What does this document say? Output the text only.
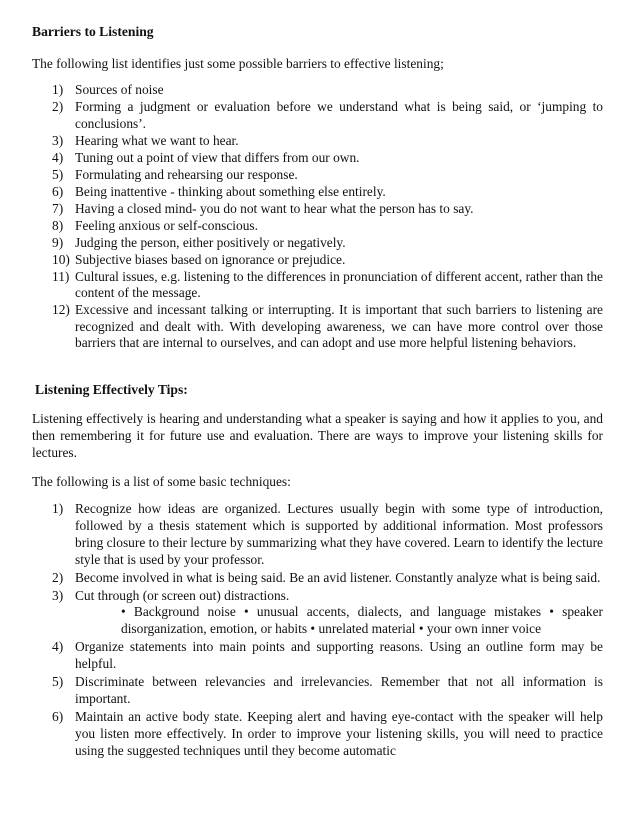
Barriers to Listening
The following list identifies just some possible barriers to effective listening;
1) Sources of noise
2) Forming a judgment or evaluation before we understand what is being said, or ‘jumping to conclusions’.
3) Hearing what we want to hear.
4) Tuning out a point of view that differs from our own.
5) Formulating and rehearsing our response.
6) Being inattentive - thinking about something else entirely.
7) Having a closed mind- you do not want to hear what the person has to say.
8) Feeling anxious or self-conscious.
9) Judging the person, either positively or negatively.
10) Subjective biases based on ignorance or prejudice.
11) Cultural issues, e.g. listening to the differences in pronunciation of different accent, rather than the content of the message.
12) Excessive and incessant talking or interrupting. It is important that such barriers to listening are recognized and dealt with. With developing awareness, we can have more control over those barriers that are internal to ourselves, and can adopt and use more helpful listening behaviors.
Listening Effectively Tips:
Listening effectively is hearing and understanding what a speaker is saying and how it applies to you, and then remembering it for future use and evaluation. There are ways to improve your listening skills for lectures.
The following is a list of some basic techniques:
1) Recognize how ideas are organized. Lectures usually begin with some type of introduction, followed by a thesis statement which is supported by additional information. Most professors bring closure to their lecture by summarizing what they have covered. Learn to identify the lecture style that is used by your professor.
2) Become involved in what is being said. Be an avid listener. Constantly analyze what is being said.
3) Cut through (or screen out) distractions.
• Background noise • unusual accents, dialects, and language mistakes • speaker disorganization, emotion, or habits • unrelated material • your own inner voice
4) Organize statements into main points and supporting reasons. Using an outline form may be helpful.
5) Discriminate between relevancies and irrelevancies. Remember that not all information is important.
6) Maintain an active body state. Keeping alert and having eye-contact with the speaker will help you listen more effectively. In order to improve your listening skills, you will need to practice using the suggested techniques until they become automatic
